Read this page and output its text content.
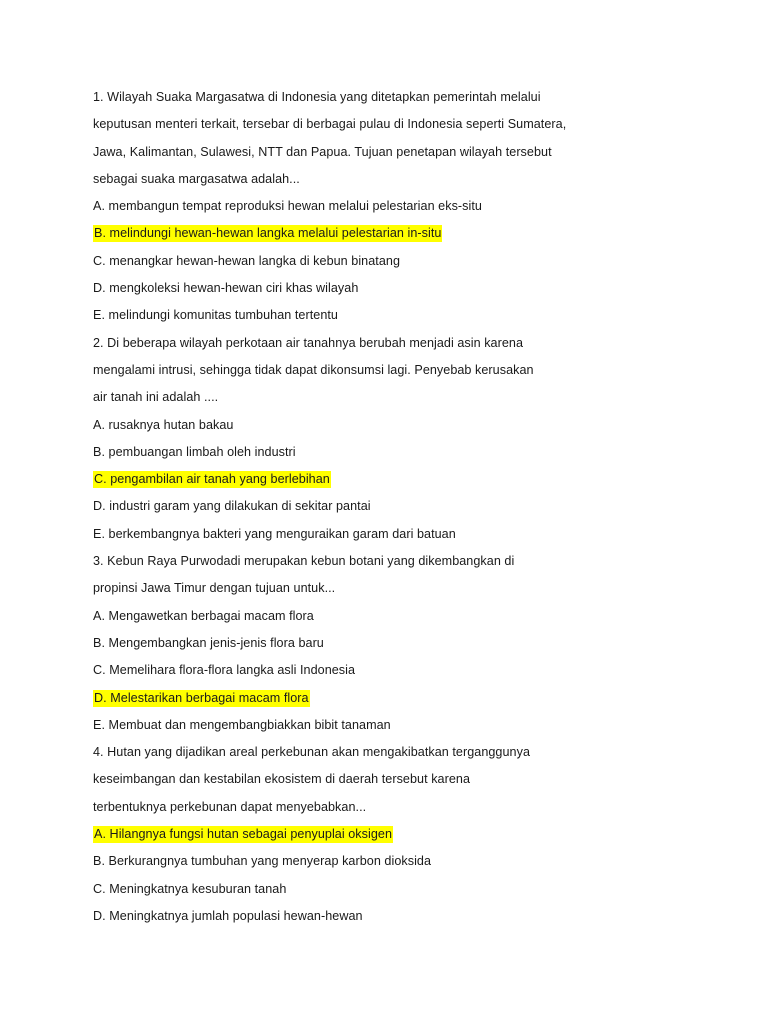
1. Wilayah Suaka Margasatwa di Indonesia yang ditetapkan pemerintah melalui
keputusan menteri terkait, tersebar di berbagai pulau di Indonesia seperti Sumatera,
Jawa, Kalimantan, Sulawesi, NTT dan Papua. Tujuan penetapan wilayah tersebut
sebagai suaka margasatwa adalah...
A. membangun tempat reproduksi hewan melalui pelestarian eks-situ
B. melindungi hewan-hewan langka melalui pelestarian in-situ
C. menangkar hewan-hewan langka di kebun binatang
D. mengkoleksi hewan-hewan ciri khas wilayah
E. melindungi komunitas tumbuhan tertentu
2. Di beberapa wilayah perkotaan air tanahnya berubah menjadi asin karena
mengalami intrusi, sehingga tidak dapat dikonsumsi lagi. Penyebab kerusakan
air tanah ini adalah ....
A. rusaknya hutan bakau
B. pembuangan limbah oleh industri
C. pengambilan air tanah yang berlebihan
D. industri garam yang dilakukan di sekitar pantai
E. berkembangnya bakteri yang menguraikan garam dari batuan
3. Kebun Raya Purwodadi merupakan kebun botani yang dikembangkan di
propinsi Jawa Timur dengan tujuan untuk...
A. Mengawetkan berbagai macam flora
B. Mengembangkan jenis-jenis flora baru
C. Memelihara flora-flora langka asli Indonesia
D. Melestarikan berbagai macam flora
E. Membuat dan mengembangbiakkan bibit tanaman
4. Hutan yang dijadikan areal perkebunan akan mengakibatkan terganggunya
keseimbangan dan kestabilan ekosistem di daerah tersebut karena
terbentuknya perkebunan dapat menyebabkan...
A. Hilangnya fungsi hutan sebagai penyuplai oksigen
B. Berkurangnya tumbuhan yang menyerap karbon dioksida
C. Meningkatnya kesuburan tanah
D. Meningkatnya jumlah populasi hewan-hewan
